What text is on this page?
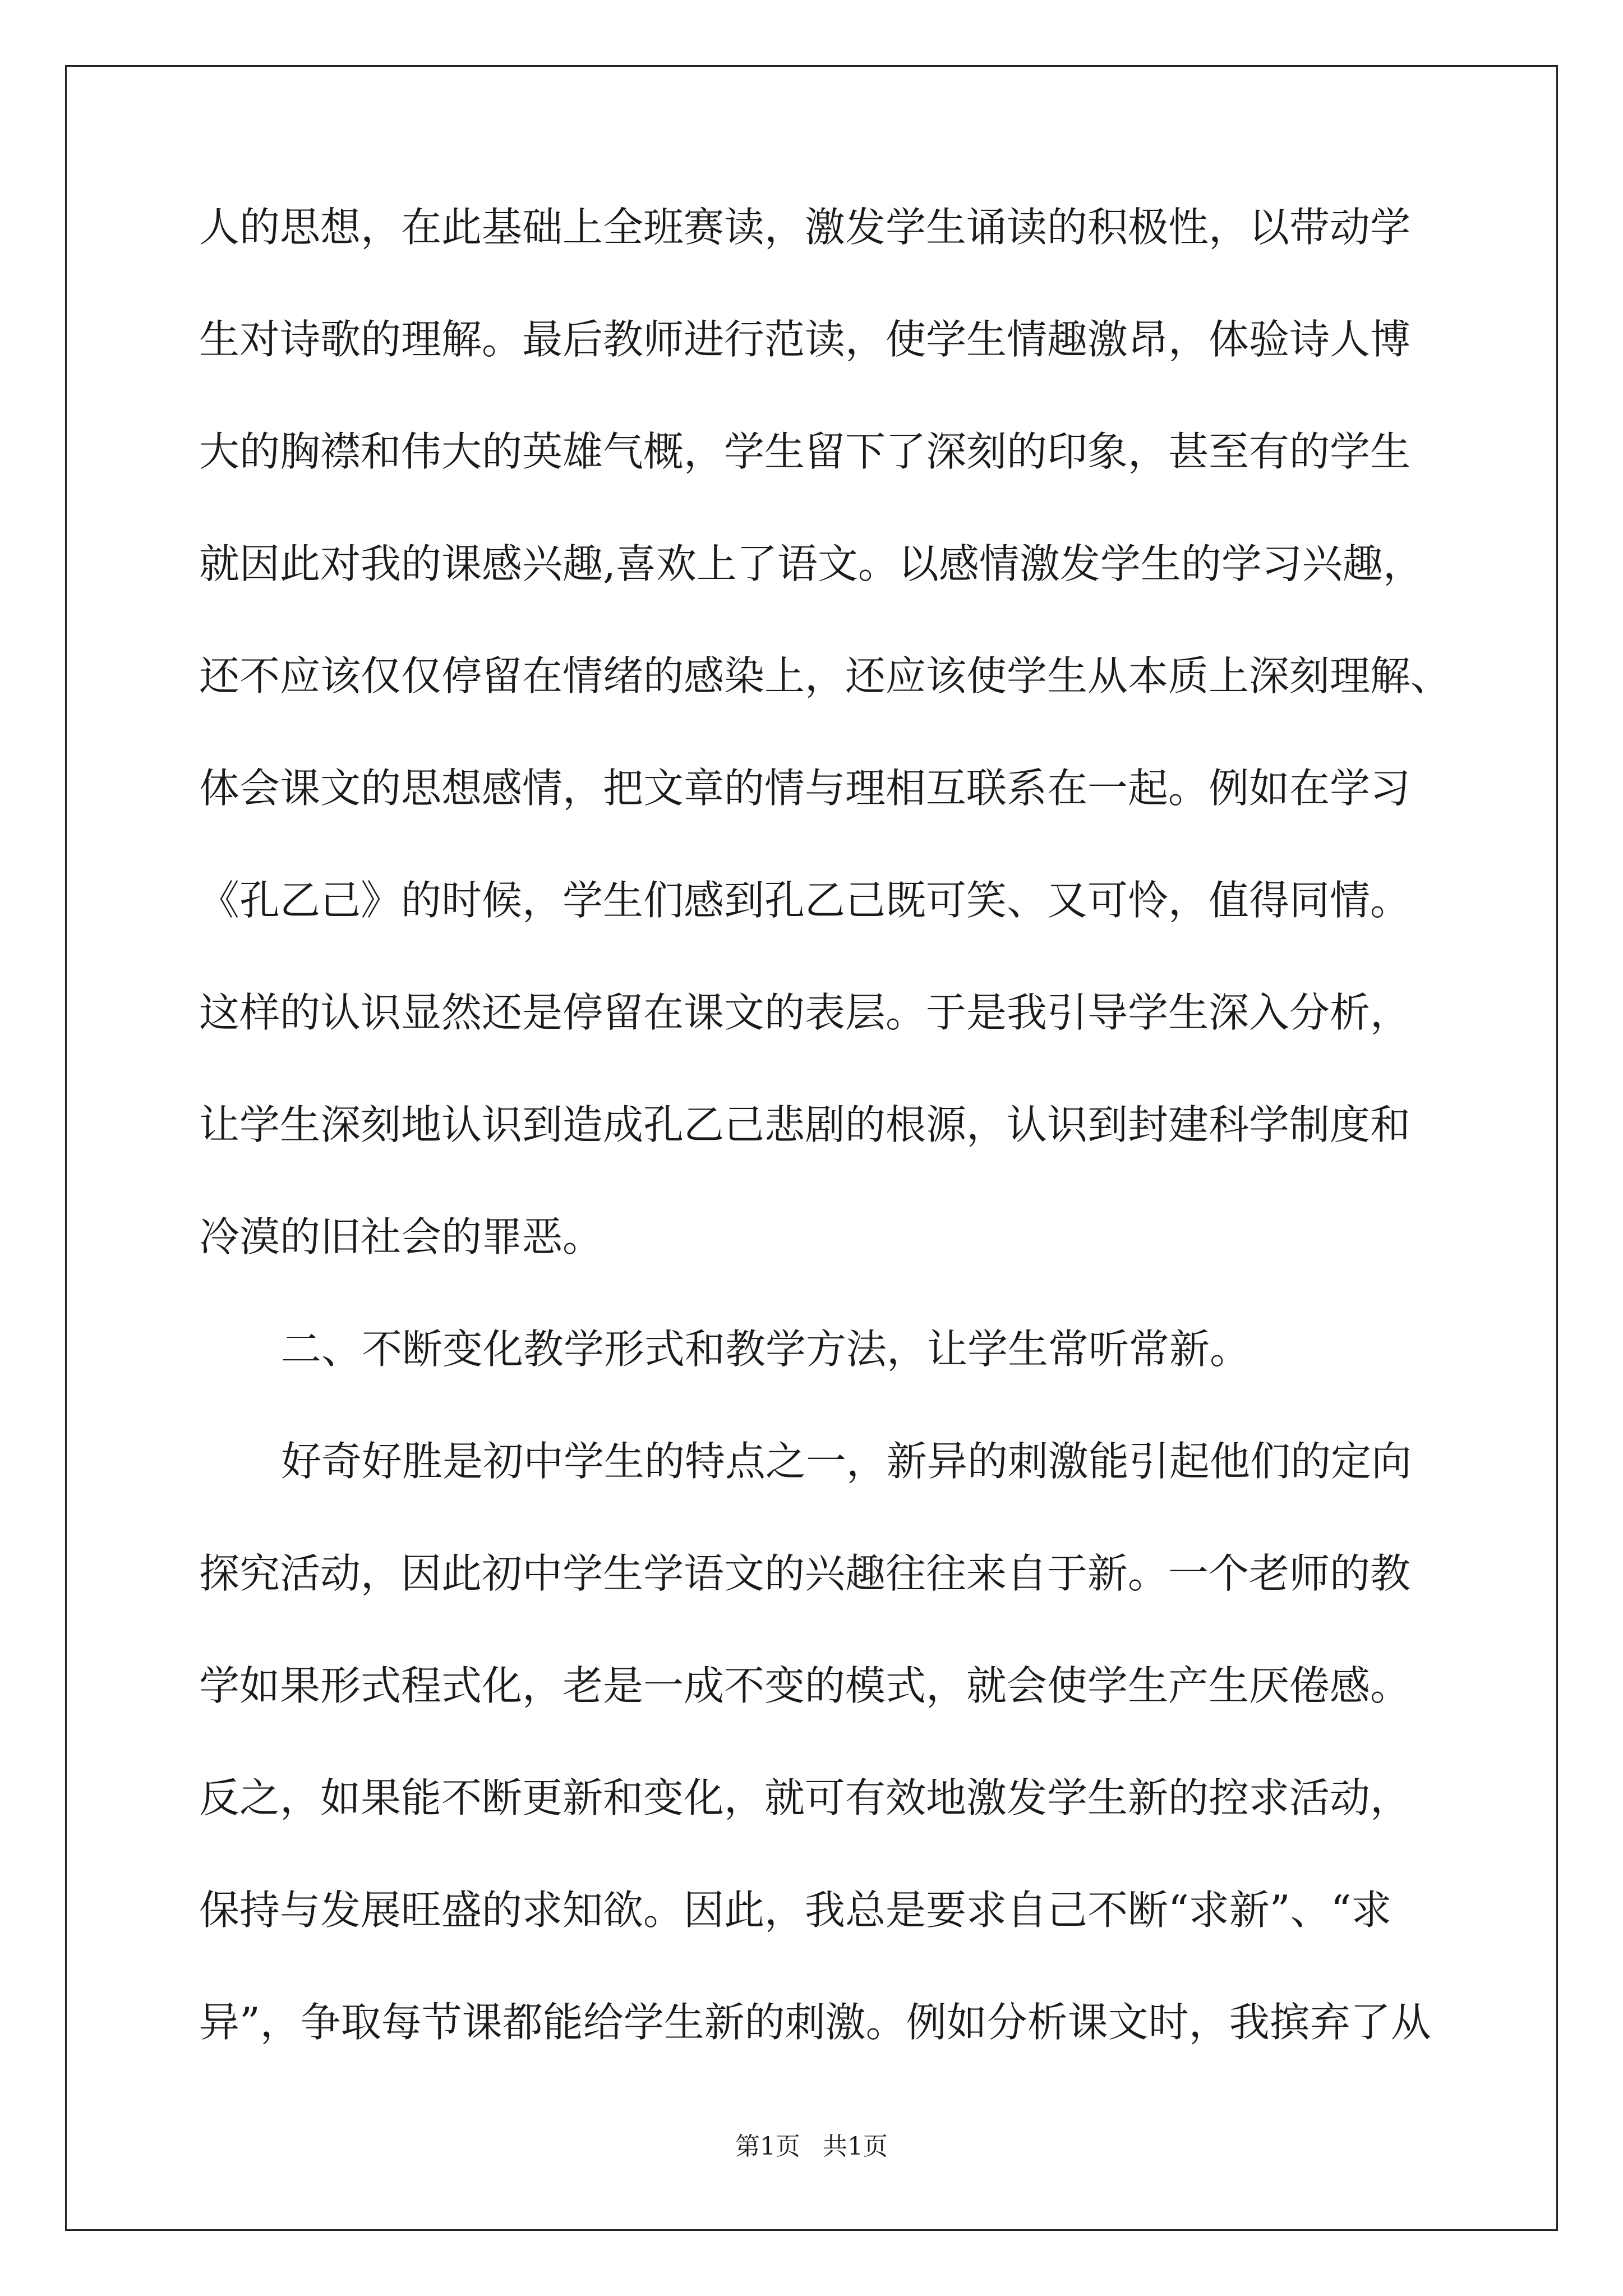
人的思想，在此基础上全班赛读，激发学生诵读的积极性，以带动学
生对诗歌的理解。最后教师进行范读，使学生情趣激昂，体验诗人博
大的胸襟和伟大的英雄气概，学生留下了深刻的印象，甚至有的学生
就因此对我的课感兴趣,喜欢上了语文。以感情激发学生的学习兴趣，
还不应该仅仅停留在情绪的感染上，还应该使学生从本质上深刻理解、
体会课文的思想感情，把文章的情与理相互联系在一起。例如在学习
《孔乙己》的时候，学生们感到孔乙己既可笑、又可怜，值得同情。
这样的认识显然还是停留在课文的表层。于是我引导学生深入分析，
让学生深刻地认识到造成孔乙己悲剧的根源，认识到封建科学制度和
冷漠的旧社会的罪恶。
二、不断变化教学形式和教学方法，让学生常听常新。
好奇好胜是初中学生的特点之一，新异的刺激能引起他们的定向
探究活动，因此初中学生学语文的兴趣往往来自于新。一个老师的教
学如果形式程式化，老是一成不变的模式，就会使学生产生厌倦感。
反之，如果能不断更新和变化，就可有效地激发学生新的控求活动，
保持与发展旺盛的求知欲。因此，我总是要求自己不断“求新”、“求
异”，争取每节课都能给学生新的刺激。例如分析课文时，我摈弃了从
第1页 共1页
